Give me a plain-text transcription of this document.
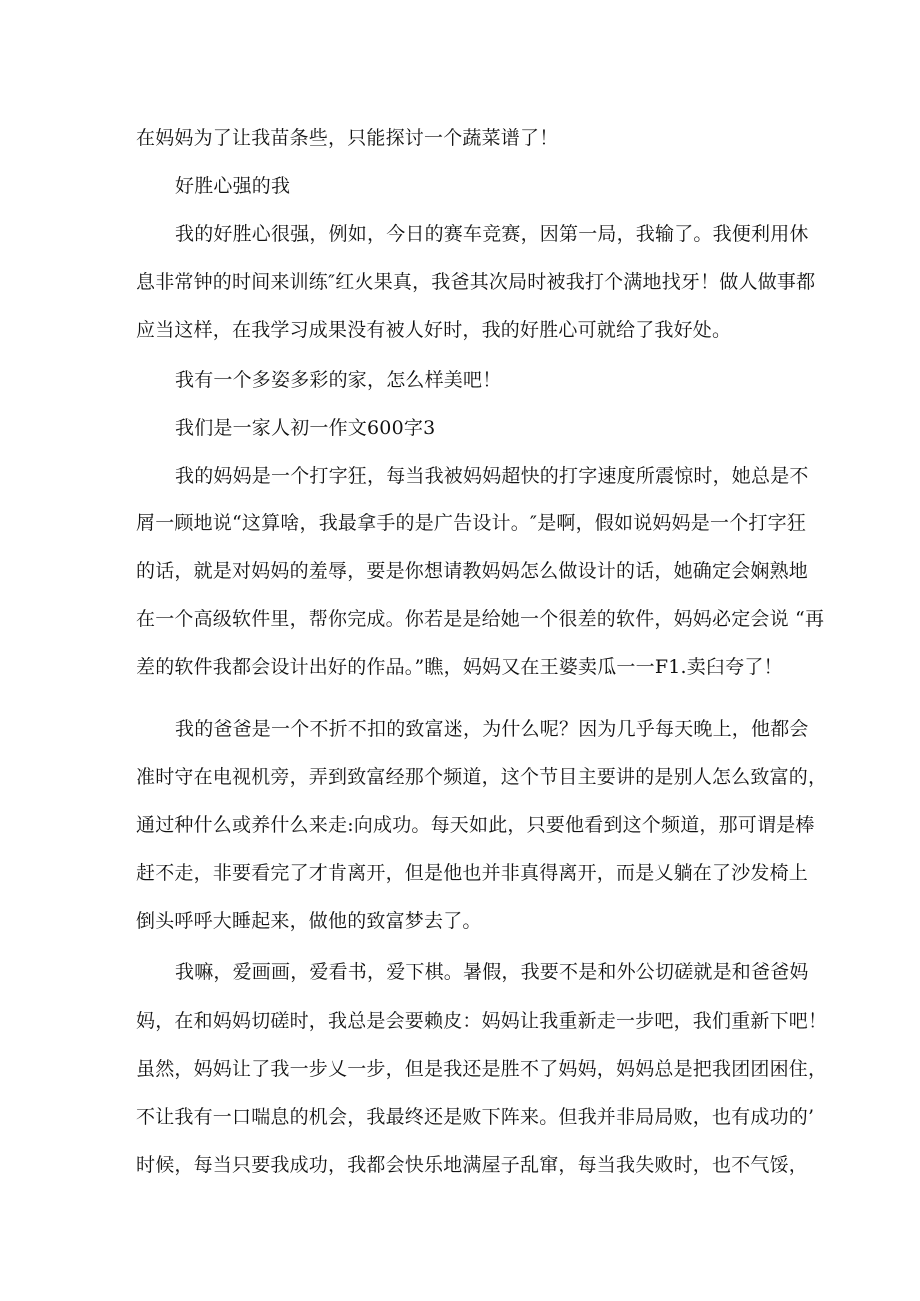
在妈妈为了让我苗条些，只能探讨一个蔬菜谱了！
好胜心强的我
我的好胜心很强，例如，今日的赛车竞赛，因第一局，我输了。我便利用休
息非常钟的时间来训练″红火果真，我爸其次局时被我打个满地找牙！做人做事都
应当这样，在我学习成果没有被人好时，我的好胜心可就给了我好处。
我有一个多姿多彩的家，怎么样美吧！
我们是一家人初一作文600字3
我的妈妈是一个打字狂，每当我被妈妈超快的打字速度所震惊时，她总是不
屑一顾地说“这算啥，我最拿手的是广告设计。″是啊，假如说妈妈是一个打字狂
的话，就是对妈妈的羞辱，要是你想请教妈妈怎么做设计的话，她确定会娴熟地
在一个高级软件里，帮你完成。你若是是给她一个很差的软件，妈妈必定会说 “再
差的软件我都会设计出好的作品。”瞧，妈妈又在王婆卖瓜一一F1.卖臼夸了！
我的爸爸是一个不折不扣的致富迷，为什么呢？因为几乎每天晚上，他都会
准时守在电视机旁，弄到致富经那个频道，这个节目主要讲的是别人怎么致富的，
通过种什么或养什么来走:向成功。每天如此，只要他看到这个频道，那可谓是棒
赶不走，非要看完了才肯离开，但是他也并非真得离开，而是乂躺在了沙发椅上
倒头呼呼大睡起来，做他的致富梦去了。
我嘛，爱画画，爱看书，爱下棋。暑假，我要不是和外公切磋就是和爸爸妈
妈，在和妈妈切磋时，我总是会要赖皮：妈妈让我重新走一步吧，我们重新下吧！
虽然，妈妈让了我一步乂一步，但是我还是胜不了妈妈，妈妈总是把我团团困住，
不让我有一口喘息的机会，我最终还是败下阵来。但我并非局局败，也有成功的’
时候，每当只要我成功，我都会快乐地满屋子乱窜，每当我失败时，也不气馁，
